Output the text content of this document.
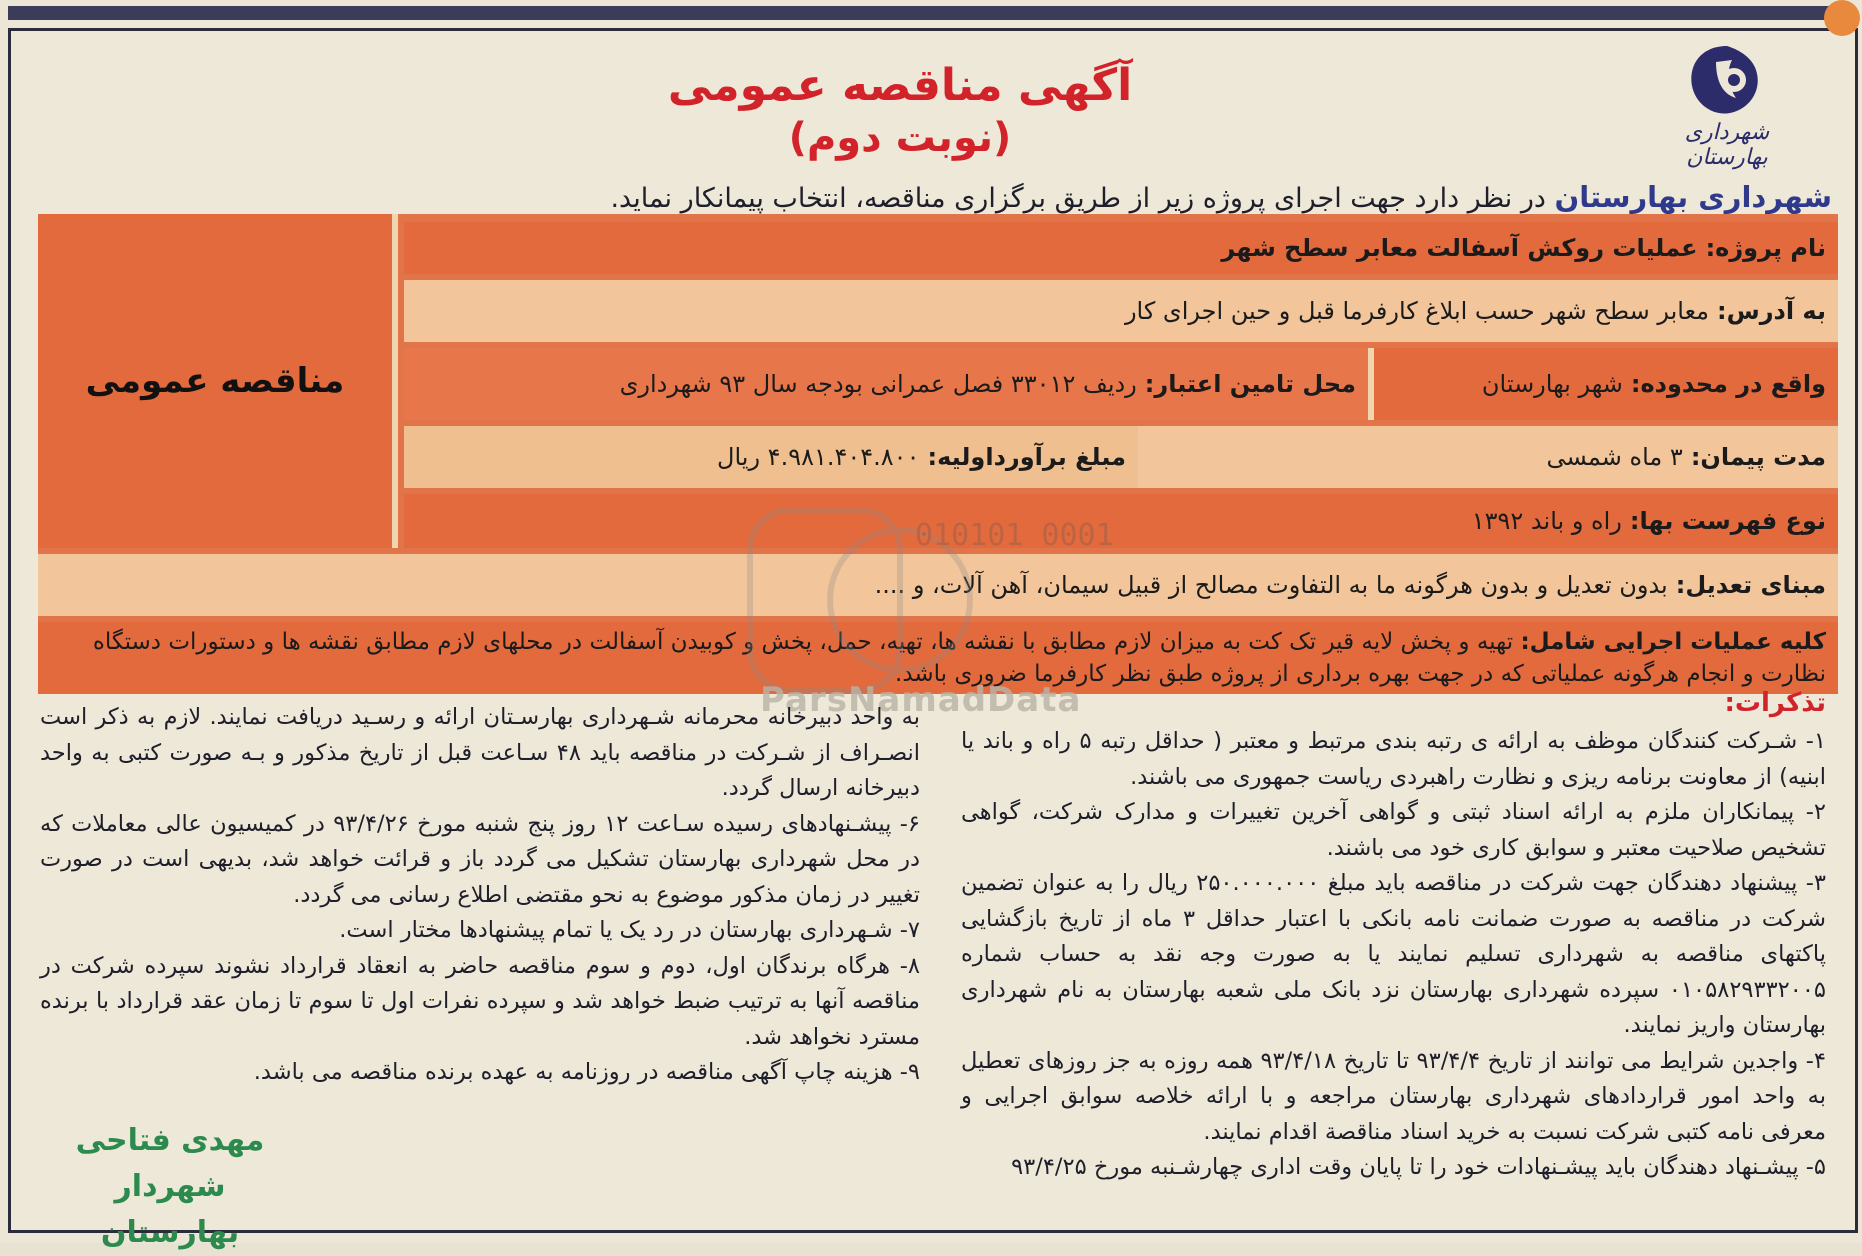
شهرداری بهارستان
آگهی مناقصه عمومی
(نوبت دوم)
شهرداری بهارستان در نظر دارد جهت اجرای پروژه زیر از طریق برگزاری مناقصه، انتخاب پیمانکار نماید.
مناقصه عمومی
نام پروژه:
عملیات روکش آسفالت معابر سطح شهر
به آدرس:
معابر سطح شهر حسب ابلاغ کارفرما قبل و حین اجرای کار
واقع در محدوده:
شهر بهارستان
محل تامین اعتبار:
ردیف ۳۳۰۱۲ فصل عمرانی بودجه سال ۹۳ شهرداری
مدت پیمان:
۳ ماه شمسی
مبلغ برآورداولیه:
۴.۹۸۱.۴۰۴.۸۰۰ ریال
نوع فهرست بها:
راه و باند ۱۳۹۲
مبنای تعدیل:
بدون تعدیل و بدون هرگونه ما به التفاوت مصالح از قبیل سیمان، آهن آلات، و ....
کلیه عملیات اجرایی شامل: تهیه و پخش لایه قیر تک کت به میزان لازم مطابق با نقشه ها، تهیه، حمل، پخش و کوبیدن آسفالت در محلهای لازم مطابق نقشه ها و دستورات دستگاه نظارت و انجام هرگونه عملیاتی که در جهت بهره برداری از پروژه طبق نظر کارفرما ضروری باشد.
010101 0001
ParsNamadData	تذکرات:

۱- شـرکت کنندگان موظف به ارائه ی رتبه بندی مرتبط و معتبر ( حداقل رتبه ۵ راه و باند یا ابنیه) از معاونت برنامه ریزی و نظارت راهبردی ریاست جمهوری می باشند.

۲- پیمانکاران ملزم به ارائه اسناد ثبتی و گواهی آخرین تغییرات و مدارک شرکت، گواهی تشخیص صلاحیت معتبر و سوابق کاری خود می باشند.

۳- پیشنهاد دهندگان جهت شرکت در مناقصه باید مبلغ ۲۵۰.۰۰۰.۰۰۰ ریال را به عنوان تضمین شرکت در مناقصه به صورت ضمانت نامه بانکی با اعتبار حداقل ۳ ماه از تاریخ بازگشایی پاکتهای مناقصه به شهرداری تسلیم نمایند یا به صورت وجه نقد به حساب شماره ۰۱۰۵۸۲۹۳۳۲۰۰۵ سپرده شهرداری بهارستان نزد بانک ملی شعبه بهارستان به نام شهرداری بهارستان واریز نمایند.

۴- واجدین شرایط می توانند از تاریخ ۹۳/۴/۴ تا تاریخ ۹۳/۴/۱۸ همه روزه به جز روزهای تعطیل به واحد امور قراردادهای شهرداری بهارستان مراجعه و با ارائه خلاصه سوابق اجرایی و معرفی نامه کتبی شرکت نسبت به خرید اسناد مناقصة اقدام نمایند.

۵- پیشـنهاد دهندگان باید پیشـنهادات خود را تا پایان وقت اداری چهارشـنبه مورخ ۹۳/۴/۲۵

به واحد دبیرخانه محرمانه شـهرداری بهارسـتان ارائه و رسـید دریافت نمایند. لازم به ذکر است انصـراف از شـرکت در مناقصه باید ۴۸ سـاعت قبل از تاریخ مذکور و بـه صورت کتبی به واحد دبیرخانه ارسال گردد.

۶- پیشـنهادهای رسیده سـاعت ۱۲ روز پنج شنبه مورخ ۹۳/۴/۲۶ در کمیسیون عالی معاملات که در محل شهرداری بهارستان تشکیل می گردد باز و قرائت خواهد شد، بدیهی است در صورت تغییر در زمان مذکور موضوع به نحو مقتضی اطلاع رسانی می گردد.

۷- شـهرداری بهارستان در رد یک یا تمام پیشنهادها مختار است.

۸- هرگاه برندگان اول، دوم و سوم مناقصه حاضر به انعقاد قرارداد نشوند سپرده شرکت در مناقصه آنها به ترتیب ضبط خواهد شد و سپرده نفرات اول تا سوم تا زمان عقد قرارداد با برنده مسترد نخواهد شد.

۹- هزینه چاپ آگهی مناقصه در روزنامه به عهده برنده مناقصه می باشد.

مهدی فتاحی
شهردار بهارستان
